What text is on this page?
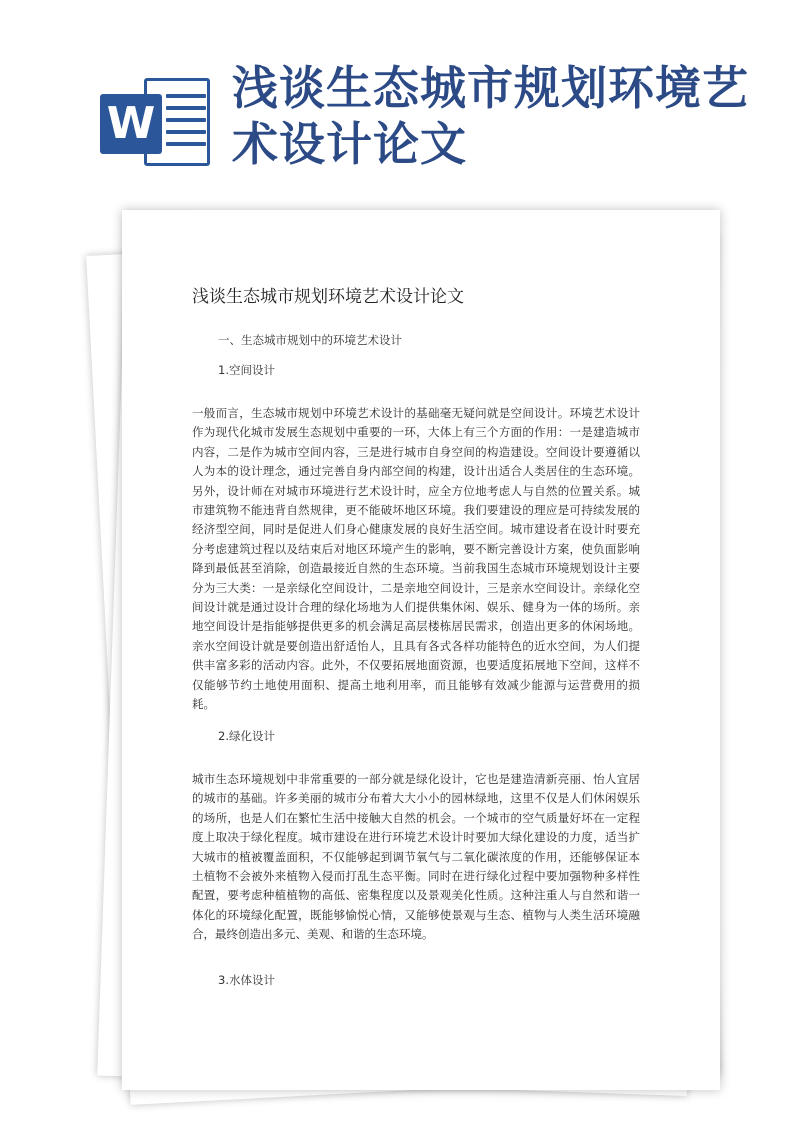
W
浅谈生态城市规划环境艺术设计论文
浅谈生态城市规划环境艺术设计论文
一、生态城市规划中的环境艺术设计
1.空间设计

一般而言，生态城市规划中环境艺术设计的基础毫无疑问就是空间设计。环境艺术设计作为现代化城市发展生态规划中重要的一环，大体上有三个方面的作用：一是建造城市内容，二是作为城市空间内容，三是进行城市自身空间的构造建设。空间设计要遵循以人为本的设计理念，通过完善自身内部空间的构建，设计出适合人类居住的生态环境。另外，设计师在对城市环境进行艺术设计时，应全方位地考虑人与自然的位置关系。城市建筑物不能违背自然规律，更不能破坏地区环境。我们要建设的理应是可持续发展的经济型空间，同时是促进人们身心健康发展的良好生活空间。城市建设者在设计时要充分考虑建筑过程以及结束后对地区环境产生的影响，要不断完善设计方案，使负面影响降到最低甚至消除，创造最接近自然的生态环境。当前我国生态城市环境规划设计主要分为三大类：一是亲绿化空间设计，二是亲地空间设计，三是亲水空间设计。亲绿化空间设计就是通过设计合理的绿化场地为人们提供集休闲、娱乐、健身为一体的场所。亲地空间设计是指能够提供更多的机会满足高层楼栋居民需求，创造出更多的休闲场地。亲水空间设计就是要创造出舒适怡人，且具有各式各样功能特色的近水空间，为人们提供丰富多彩的活动内容。此外，不仅要拓展地面资源，也要适度拓展地下空间，这样不仅能够节约土地使用面积、提高土地利用率，而且能够有效减少能源与运营费用的损耗。

2.绿化设计

城市生态环境规划中非常重要的一部分就是绿化设计，它也是建造清新亮丽、怡人宜居的城市的基础。许多美丽的城市分布着大大小小的园林绿地，这里不仅是人们休闲娱乐的场所，也是人们在繁忙生活中接触大自然的机会。一个城市的空气质量好坏在一定程度上取决于绿化程度。城市建设在进行环境艺术设计时要加大绿化建设的力度，适当扩大城市的植被覆盖面积，不仅能够起到调节氧气与二氧化碳浓度的作用，还能够保证本土植物不会被外来植物入侵而打乱生态平衡。同时在进行绿化过程中要加强物种多样性配置，要考虑种植植物的高低、密集程度以及景观美化性质。这种注重人与自然和谐一体化的环境绿化配置，既能够愉悦心情，又能够使景观与生态、植物与人类生活环境融合，最终创造出多元、美观、和谐的生态环境。

3.水体设计
